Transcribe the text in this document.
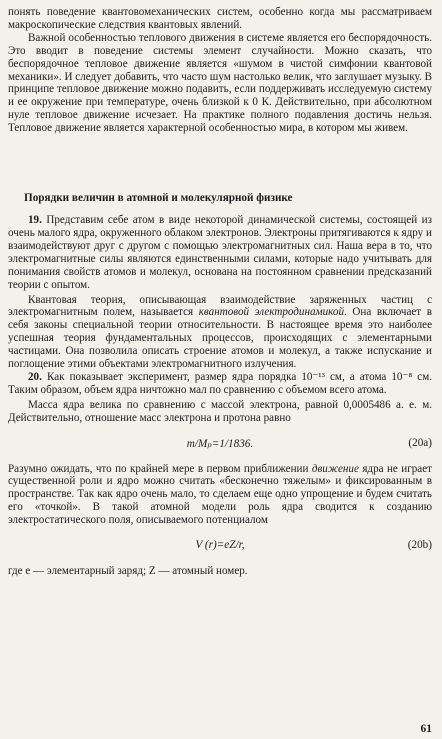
понять поведение квантовомеханических систем, особенно когда мы рассматриваем макроскопические следствия квантовых явлений.

Важной особенностью теплового движения в системе является его беспорядочность. Это вводит в поведение системы элемент случайности. Можно сказать, что беспорядочное тепловое движение является «шумом в чистой симфонии квантовой механики». И следует добавить, что часто шум настолько велик, что заглушает музыку. В принципе тепловое движение можно подавить, если поддерживать исследуемую систему и ее окружение при температуре, очень близкой к 0 К. Действительно, при абсолютном нуле тепловое движение исчезает. На практике полного подавления достичь нельзя. Тепловое движение является характерной особенностью мира, в котором мы живем.

Порядки величин в атомной и молекулярной физике

19. Представим себе атом в виде некоторой динамической системы, состоящей из очень малого ядра, окруженного облаком электронов. Электроны притягиваются к ядру и взаимодействуют друг с другом с помощью электромагнитных сил. Наша вера в то, что электромагнитные силы являются единственными силами, которые надо учитывать для понимания свойств атомов и молекул, основана на постоянном сравнении предсказаний теории с опытом.

Квантовая теория, описывающая взаимодействие заряженных частиц с электромагнитным полем, называется квантовой электродинамикой. Она включает в себя законы специальной теории относительности. В настоящее время это наиболее успешная теория фундаментальных процессов, происходящих с элементарными частицами. Она позволила описать строение атомов и молекул, а также испускание и поглощение этими объектами электромагнитного излучения.

20. Как показывает эксперимент, размер ядра порядка 10⁻¹³ см, а атома 10⁻⁸ см. Таким образом, объем ядра ничтожно мал по сравнению с объемом всего атома.

Масса ядра велика по сравнению с массой электрона, равной 0,0005486 а. е. м. Действительно, отношение масс электрона и протона равно

m/Mₚ=1/1836.	(20a)

Разумно ожидать, что по крайней мере в первом приближении движение ядра не играет существенной роли и ядро можно считать «бесконечно тяжелым» и фиксированным в пространстве. Так как ядро очень мало, то сделаем еще одно упрощение и будем считать его «точкой». В такой атомной модели роль ядра сводится к созданию электростатического поля, описываемого потенциалом

V (r)=eZ/r,	(20b)

где e — элементарный заряд; Z — атомный номер.

61
